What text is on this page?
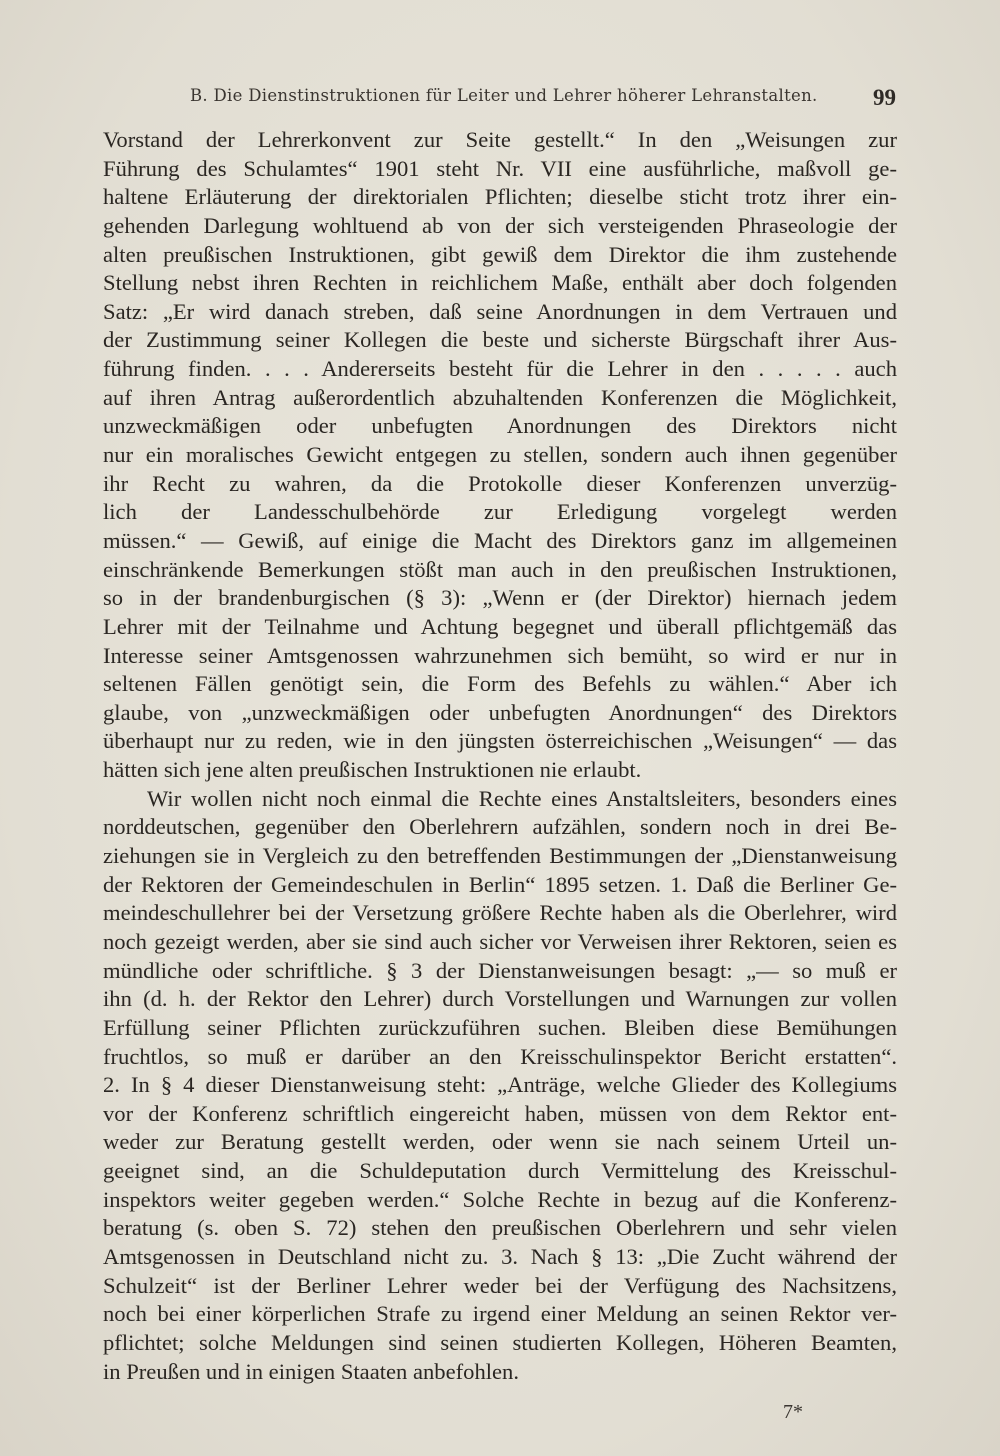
B. Die Dienstinstruktionen für Leiter und Lehrer höherer Lehranstalten.	99
Vorstand der Lehrerkonvent zur Seite gestellt.“ In den „Weisungen zur
Führung des Schulamtes“ 1901 steht Nr. VII eine ausführliche, maßvoll ge-
haltene Erläuterung der direktorialen Pflichten; dieselbe sticht trotz ihrer ein-
gehenden Darlegung wohltuend ab von der sich versteigenden Phraseologie der
alten preußischen Instruktionen, gibt gewiß dem Direktor die ihm zustehende
Stellung nebst ihren Rechten in reichlichem Maße, enthält aber doch folgenden
Satz: „Er wird danach streben, daß seine Anordnungen in dem Vertrauen und
der Zustimmung seiner Kollegen die beste und sicherste Bürgschaft ihrer Aus-
führung finden. . . . Andererseits besteht für die Lehrer in den . . . . . auch
auf ihren Antrag außerordentlich abzuhaltenden Konferenzen die Möglichkeit,
unzweckmäßigen oder unbefugten Anordnungen des Direktors nicht
nur ein moralisches Gewicht entgegen zu stellen, sondern auch ihnen gegenüber
ihr Recht zu wahren, da die Protokolle dieser Konferenzen unverzüg-
lich der Landesschulbehörde zur Erledigung vorgelegt werden
müssen.“ — Gewiß, auf einige die Macht des Direktors ganz im allgemeinen
einschränkende Bemerkungen stößt man auch in den preußischen Instruktionen,
so in der brandenburgischen (§ 3): „Wenn er (der Direktor) hiernach jedem
Lehrer mit der Teilnahme und Achtung begegnet und überall pflichtgemäß das
Interesse seiner Amtsgenossen wahrzunehmen sich bemüht, so wird er nur in
seltenen Fällen genötigt sein, die Form des Befehls zu wählen.“ Aber ich
glaube, von „unzweckmäßigen oder unbefugten Anordnungen“ des Direktors
überhaupt nur zu reden, wie in den jüngsten österreichischen „Weisungen“ — das
hätten sich jene alten preußischen Instruktionen nie erlaubt.
Wir wollen nicht noch einmal die Rechte eines Anstaltsleiters, besonders eines
norddeutschen, gegenüber den Oberlehrern aufzählen, sondern noch in drei Be-
ziehungen sie in Vergleich zu den betreffenden Bestimmungen der „Dienstanweisung
der Rektoren der Gemeindeschulen in Berlin“ 1895 setzen. 1. Daß die Berliner Ge-
meindeschullehrer bei der Versetzung größere Rechte haben als die Oberlehrer, wird
noch gezeigt werden, aber sie sind auch sicher vor Verweisen ihrer Rektoren, seien es
mündliche oder schriftliche. § 3 der Dienstanweisungen besagt: „— so muß er
ihn (d. h. der Rektor den Lehrer) durch Vorstellungen und Warnungen zur vollen
Erfüllung seiner Pflichten zurückzuführen suchen. Bleiben diese Bemühungen
fruchtlos, so muß er darüber an den Kreisschulinspektor Bericht erstatten“.
2. In § 4 dieser Dienstanweisung steht: „Anträge, welche Glieder des Kollegiums
vor der Konferenz schriftlich eingereicht haben, müssen von dem Rektor ent-
weder zur Beratung gestellt werden, oder wenn sie nach seinem Urteil un-
geeignet sind, an die Schuldeputation durch Vermittelung des Kreisschul-
inspektors weiter gegeben werden.“ Solche Rechte in bezug auf die Konferenz-
beratung (s. oben S. 72) stehen den preußischen Oberlehrern und sehr vielen
Amtsgenossen in Deutschland nicht zu. 3. Nach § 13: „Die Zucht während der
Schulzeit“ ist der Berliner Lehrer weder bei der Verfügung des Nachsitzens,
noch bei einer körperlichen Strafe zu irgend einer Meldung an seinen Rektor ver-
pflichtet; solche Meldungen sind seinen studierten Kollegen, Höheren Beamten,
in Preußen und in einigen Staaten anbefohlen.
7*
